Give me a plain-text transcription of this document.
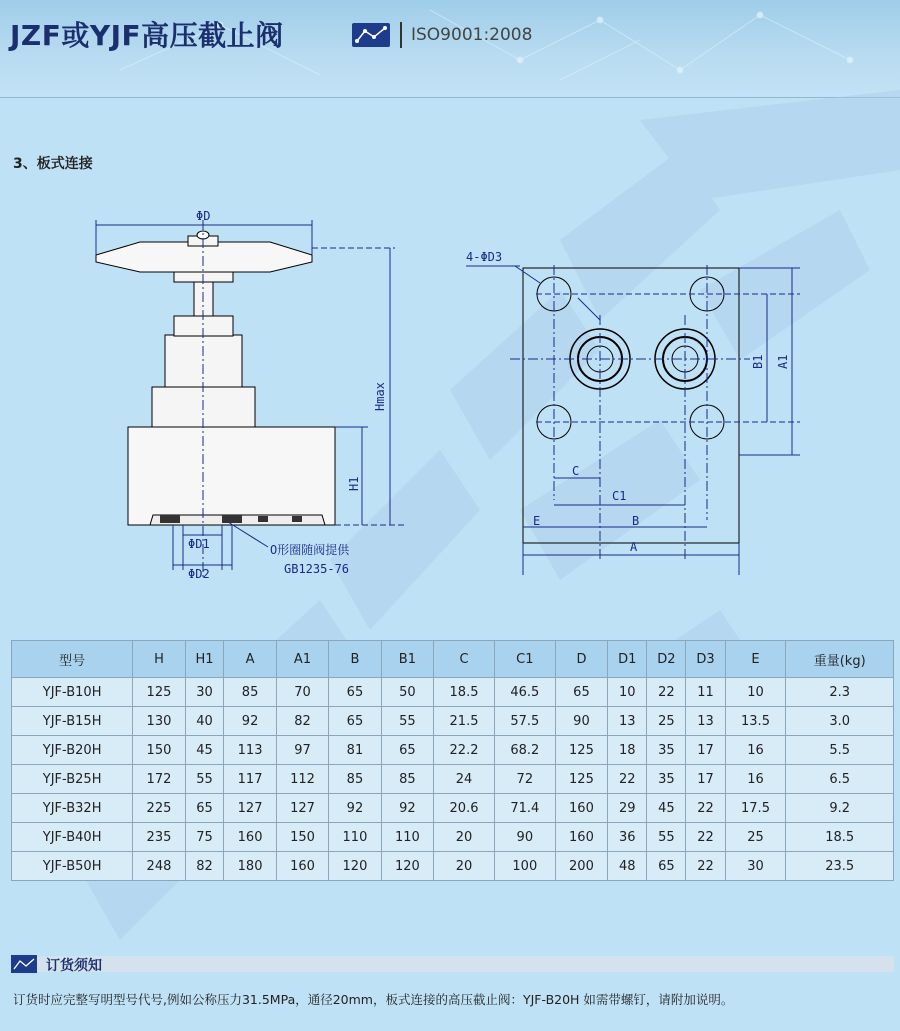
JZF或YJF高压截止阀	ISO9001:2008
3、板式连接
ΦD
Hmax
H1
ΦD1
ΦD2
O形圈随阀提供
GB1235-76
4-ΦD3
B1 A1
C
C1
E	B
A
型号	H	H1	A	A1	B	B1	C	C1	D	D1	D2	D3	E	重量(kg)
YJF-B10H	125	30	85	70	65	50	18.5	46.5	65	10	22	11	10	2.3
YJF-B15H	130	40	92	82	65	55	21.5	57.5	90	13	25	13	13.5	3.0
YJF-B20H	150	45	113	97	81	65	22.2	68.2	125	18	35	17	16	5.5
YJF-B25H	172	55	117	112	85	85	24	72	125	22	35	17	16	6.5
YJF-B32H	225	65	127	127	92	92	20.6	71.4	160	29	45	22	17.5	9.2
YJF-B40H	235	75	160	150	110	110	20	90	160	36	55	22	25	18.5
YJF-B50H	248	82	180	160	120	120	20	100	200	48	65	22	30	23.5
订货须知
订货时应完整写明型号代号,例如公称压力31.5MPa，通径20mm，板式连接的高压截止阀：YJF-B20H 如需带螺钉，请附加说明。
